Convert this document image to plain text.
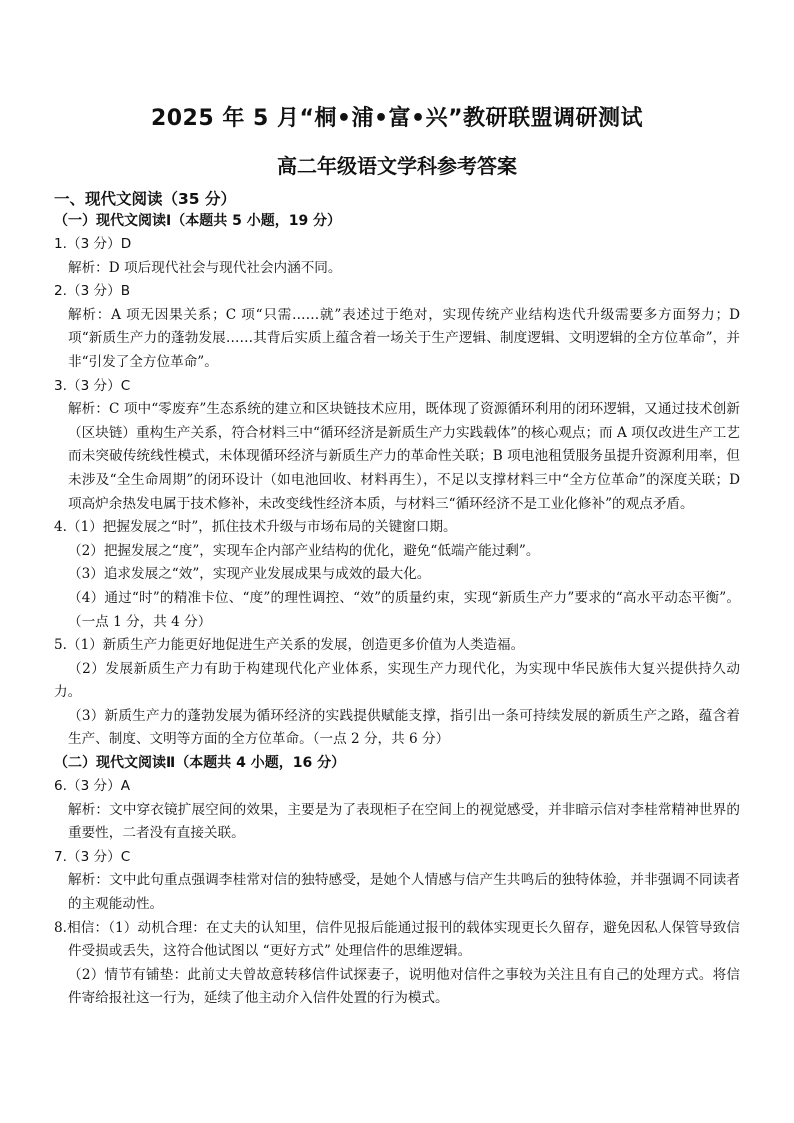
2025 年 5 月“桐•浦•富•兴”教研联盟调研测试
高二年级语文学科参考答案

一、现代文阅读（35 分）

（一）现代文阅读Ⅰ（本题共 5 小题，19 分）

1.（3 分）D

解析：D 项后现代社会与现代社会内涵不同。

2.（3 分）B

解析：A 项无因果关系；C 项“只需……就”表述过于绝对，实现传统产业结构迭代升级需要多方面努力；D 项“新质生产力的蓬勃发展……其背后实质上蕴含着一场关于生产逻辑、制度逻辑、文明逻辑的全方位革命”，并非“引发了全方位革命”。

3.（3 分）C

解析：C 项中“零废弃”生态系统的建立和区块链技术应用，既体现了资源循环利用的闭环逻辑，又通过技术创新（区块链）重构生产关系，符合材料三中“循环经济是新质生产力实践载体”的核心观点；而 A 项仅改进生产工艺而未突破传统线性模式，未体现循环经济与新质生产力的革命性关联；B 项电池租赁服务虽提升资源利用率，但未涉及“全生命周期”的闭环设计（如电池回收、材料再生），不足以支撑材料三中“全方位革命”的深度关联；D 项高炉余热发电属于技术修补，未改变线性经济本质，与材料三“循环经济不是工业化修补”的观点矛盾。

4.（1）把握发展之“时”，抓住技术升级与市场布局的关键窗口期。

（2）把握发展之“度”，实现车企内部产业结构的优化，避免“低端产能过剩”。

（3）追求发展之“效”，实现产业发展成果与成效的最大化。

（4）通过“时”的精准卡位、“度”的理性调控、“效”的质量约束，实现“新质生产力”要求的“高水平动态平衡”。（一点 1 分，共 4 分）

5.（1）新质生产力能更好地促进生产关系的发展，创造更多价值为人类造福。

（2）发展新质生产力有助于构建现代化产业体系，实现生产力现代化，为实现中华民族伟大复兴提供持久动力。

（3）新质生产力的蓬勃发展为循环经济的实践提供赋能支撑，指引出一条可持续发展的新质生产之路，蕴含着生产、制度、文明等方面的全方位革命。（一点 2 分，共 6 分）

（二）现代文阅读Ⅱ（本题共 4 小题，16 分）

6.（3 分）A

解析：文中穿衣镜扩展空间的效果，主要是为了表现柜子在空间上的视觉感受，并非暗示信对李桂常精神世界的重要性，二者没有直接关联。

7.（3 分）C

解析：文中此句重点强调李桂常对信的独特感受，是她个人情感与信产生共鸣后的独特体验，并非强调不同读者的主观能动性。

8.相信：（1）动机合理：在丈夫的认知里，信件见报后能通过报刊的载体实现更长久留存，避免因私人保管导致信件受损或丢失，这符合他试图以 “更好方式” 处理信件的思维逻辑。

（2）情节有铺垫：此前丈夫曾故意转移信件试探妻子，说明他对信件之事较为关注且有自己的处理方式。将信件寄给报社这一行为，延续了他主动介入信件处置的行为模式。
